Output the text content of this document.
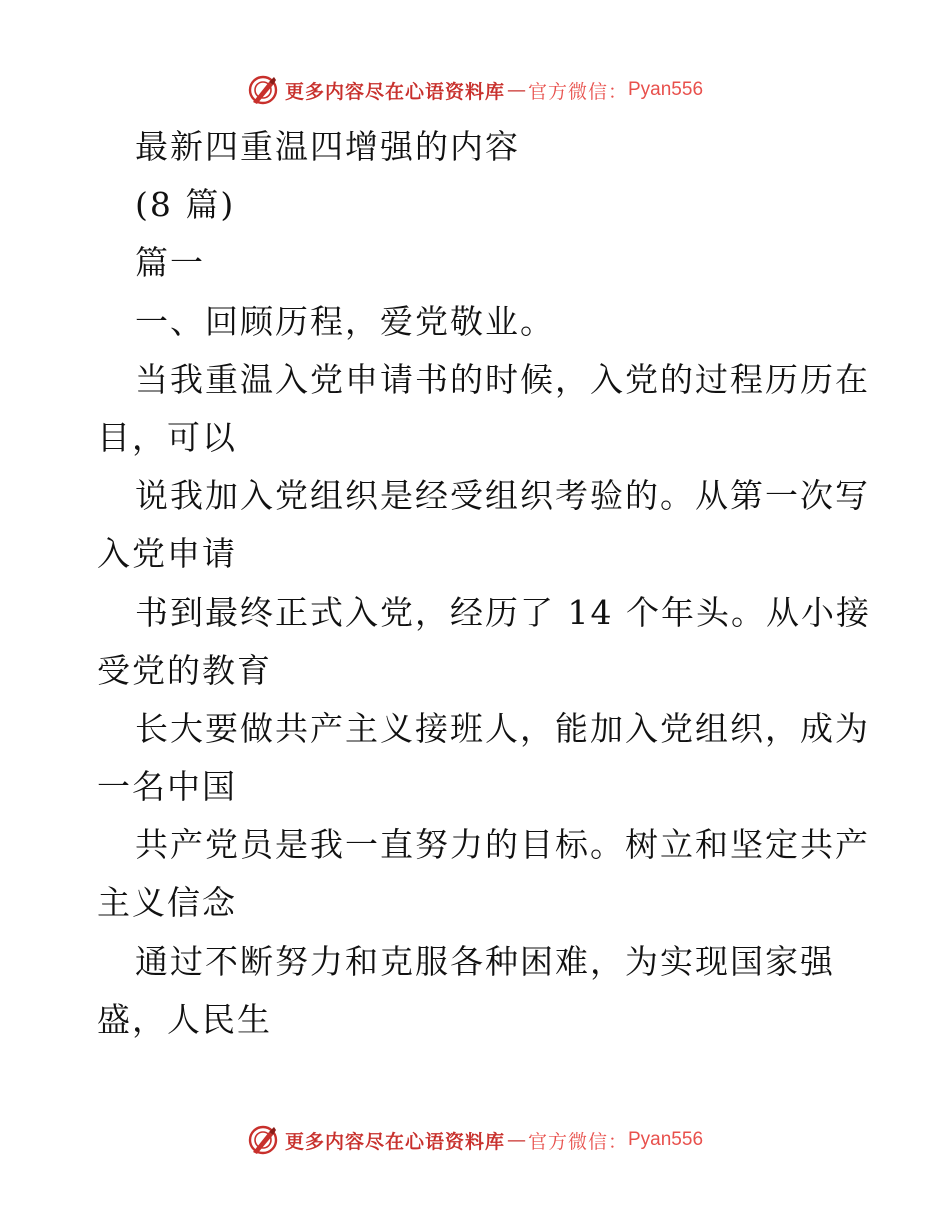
更多内容尽在心语资料库 — 官方微信： Pyan556
最新四重温四增强的内容
(8 篇)
篇一
一、回顾历程，爱党敬业。
当我重温入党申请书的时候，入党的过程历历在
目，可以
说我加入党组织是经受组织考验的。从第一次写
入党申请
书到最终正式入党，经历了 14 个年头。从小接
受党的教育
长大要做共产主义接班人，能加入党组织，成为
一名中国
共产党员是我一直努力的目标。树立和坚定共产
主义信念
通过不断努力和克服各种困难，为实现国家强
盛，人民生
更多内容尽在心语资料库 — 官方微信： Pyan556
